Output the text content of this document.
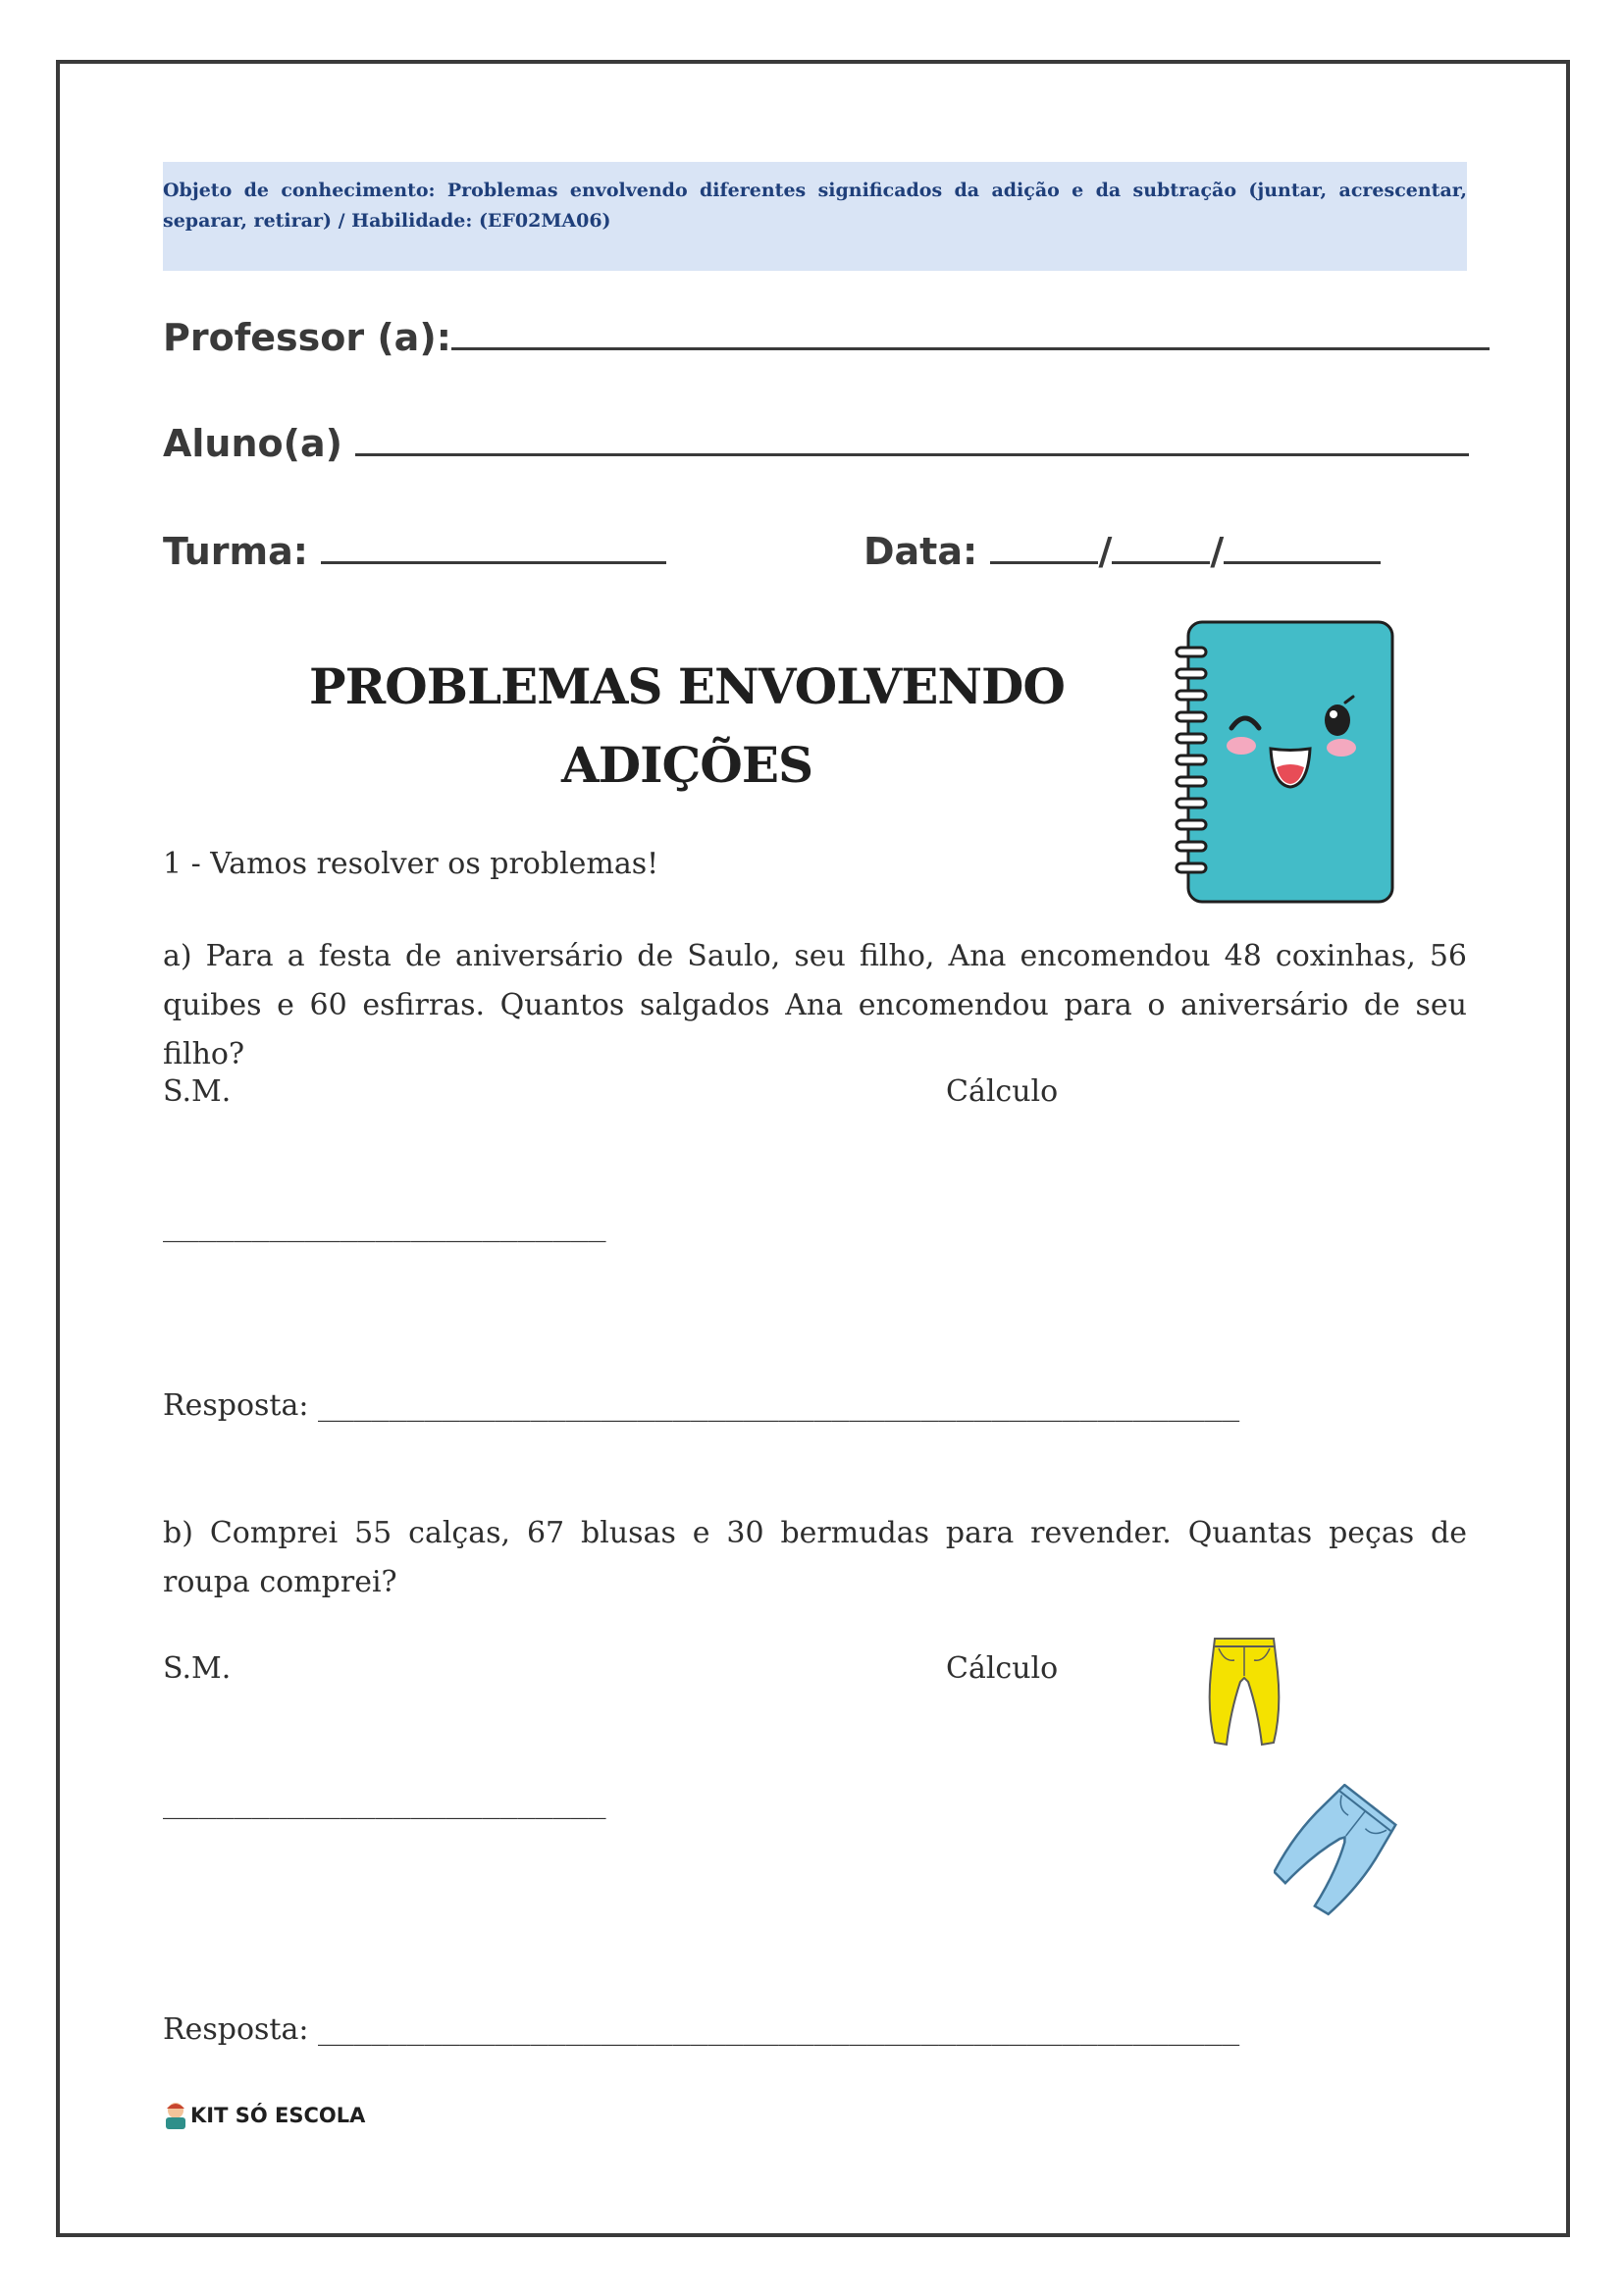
Objeto de conhecimento: Problemas envolvendo diferentes significados da adição e da subtração (juntar, acrescentar, separar, retirar) / Habilidade: (EF02MA06)
Professor (a):
Aluno(a)
Turma:	Data:	/	/
PROBLEMAS ENVOLVENDO
ADIÇÕES
1 - Vamos resolver os problemas!
a) Para a festa de aniversário de Saulo, seu filho, Ana encomendou 48 coxinhas, 56 quibes e 60 esfirras. Quantos salgados Ana encomendou para o aniversário de seu filho?
S.M.	Cálculo
_________________________
Resposta: ____________________________________________________
b) Comprei 55 calças, 67 blusas e 30 bermudas para revender. Quantas peças de roupa comprei?
S.M.	Cálculo
_________________________
Resposta: ____________________________________________________
KIT SÓ ESCOLA
